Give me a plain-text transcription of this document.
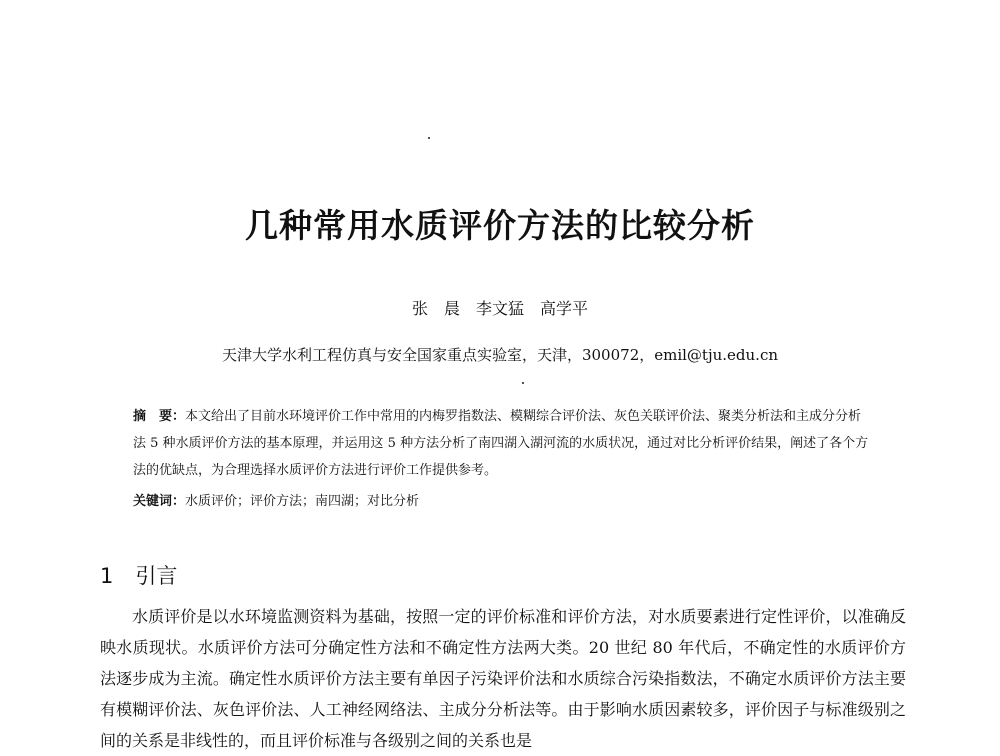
几种常用水质评价方法的比较分析
张　晨　李文猛　高学平
天津大学水利工程仿真与安全国家重点实验室，天津，300072，emil@tju.edu.cn
摘　要：本文给出了目前水环境评价工作中常用的内梅罗指数法、模糊综合评价法、灰色关联评价法、聚类分析法和主成分分析法 5 种水质评价方法的基本原理，并运用这 5 种方法分析了南四湖入湖河流的水质状况，通过对比分析评价结果，阐述了各个方法的优缺点，为合理选择水质评价方法进行评价工作提供参考。
关键词：水质评价；评价方法；南四湖；对比分析
1 引言
水质评价是以水环境监测资料为基础，按照一定的评价标准和评价方法，对水质要素进行定性评价，以准确反映水质现状。水质评价方法可分确定性方法和不确定性方法两大类。20 世纪 80 年代后，不确定性的水质评价方法逐步成为主流。确定性水质评价方法主要有单因子污染评价法和水质综合污染指数法，不确定水质评价方法主要有模糊评价法、灰色评价法、人工神经网络法、主成分分析法等。由于影响水质因素较多，评价因子与标准级别之间的关系是非线性的，而且评价标准与各级别之间的关系也是
